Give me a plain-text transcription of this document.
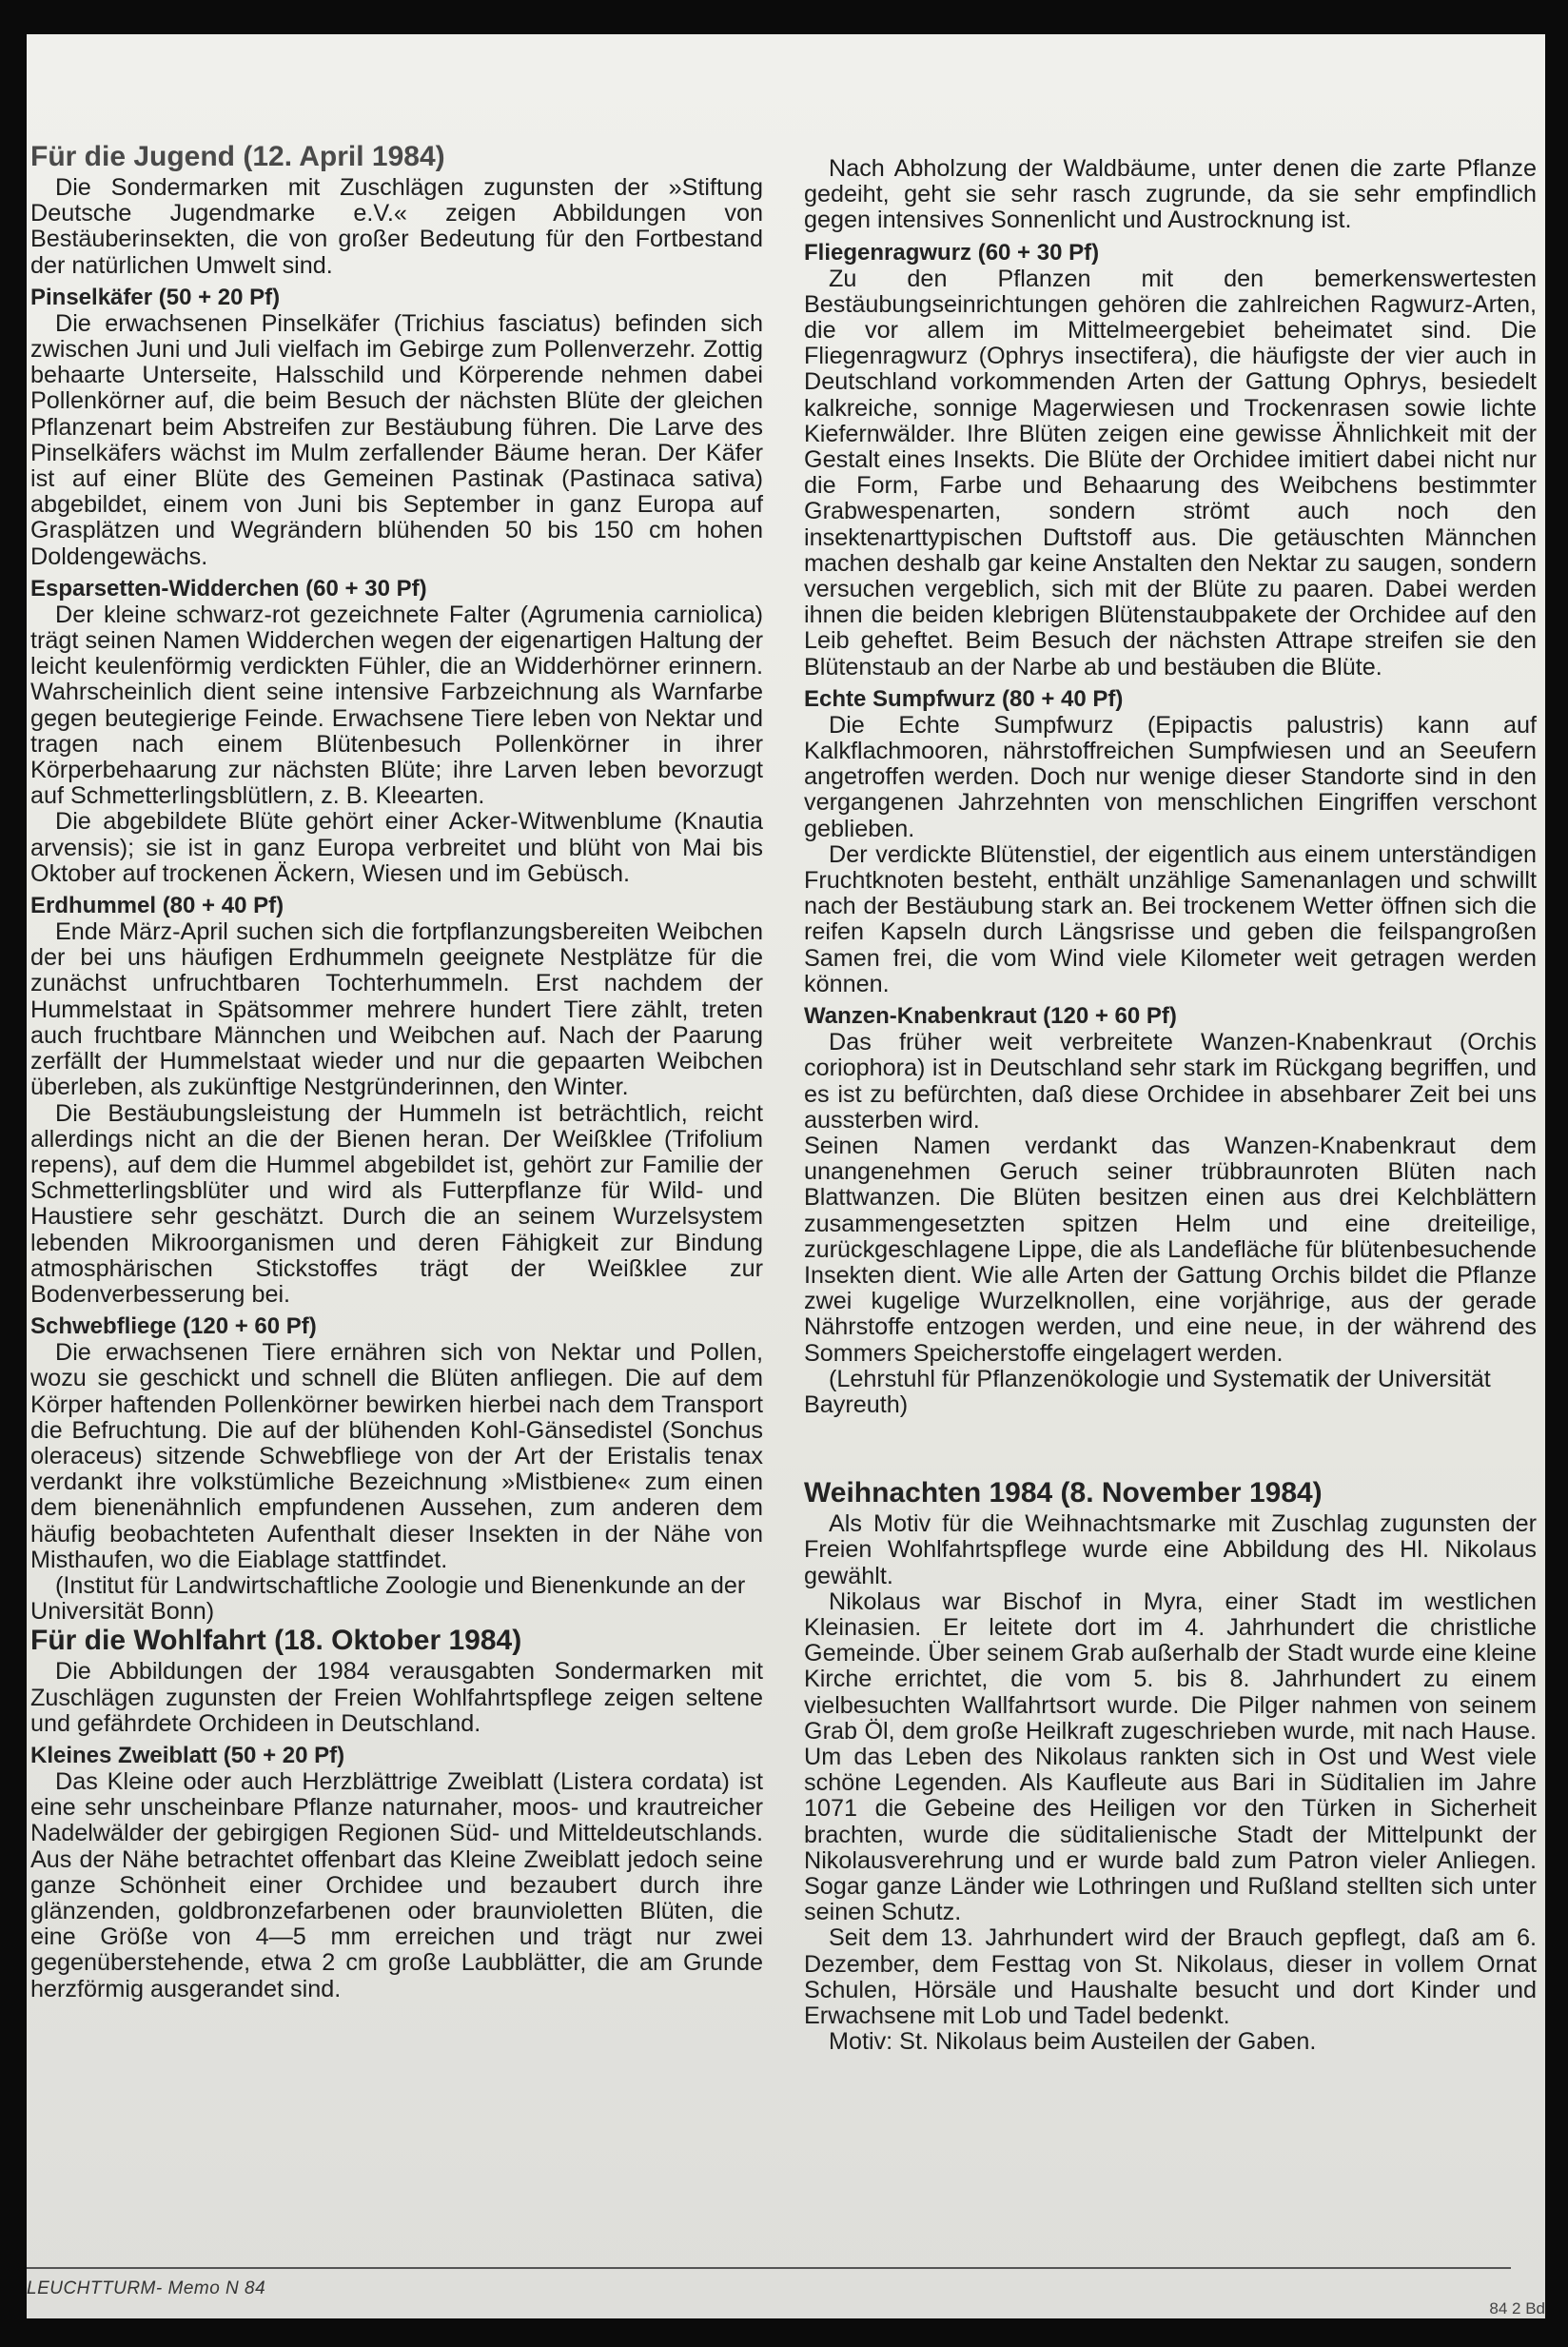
Für die Jugend (12. April 1984)

Die Sondermarken mit Zuschlägen zugunsten der »Stiftung Deutsche Jugendmarke e.V.« zeigen Abbildungen von Bestäuberinsekten, die von großer Bedeutung für den Fortbestand der natürlichen Umwelt sind.

Pinselkäfer (50 + 20 Pf)

Die erwachsenen Pinselkäfer (Trichius fasciatus) befinden sich zwischen Juni und Juli vielfach im Gebirge zum Pollenverzehr. Zottig behaarte Unterseite, Halsschild und Körperende nehmen dabei Pollenkörner auf, die beim Besuch der nächsten Blüte der gleichen Pflanzenart beim Abstreifen zur Bestäubung führen. Die Larve des Pinselkäfers wächst im Mulm zerfallender Bäume heran. Der Käfer ist auf einer Blüte des Gemeinen Pastinak (Pastinaca sativa) abgebildet, einem von Juni bis September in ganz Europa auf Grasplätzen und Wegrändern blühenden 50 bis 150 cm hohen Doldengewächs.

Esparsetten-Widderchen (60 + 30 Pf)

Der kleine schwarz-rot gezeichnete Falter (Agrumenia carniolica) trägt seinen Namen Widderchen wegen der eigenartigen Haltung der leicht keulenförmig verdickten Fühler, die an Widderhörner erinnern. Wahrscheinlich dient seine intensive Farbzeichnung als Warnfarbe gegen beutegierige Feinde. Erwachsene Tiere leben von Nektar und tragen nach einem Blütenbesuch Pollenkörner in ihrer Körperbehaarung zur nächsten Blüte; ihre Larven leben bevorzugt auf Schmetterlingsblütlern, z. B. Kleearten.

Die abgebildete Blüte gehört einer Acker-Witwenblume (Knautia arvensis); sie ist in ganz Europa verbreitet und blüht von Mai bis Oktober auf trockenen Äckern, Wiesen und im Gebüsch.

Erdhummel (80 + 40 Pf)

Ende März-April suchen sich die fortpflanzungsbereiten Weibchen der bei uns häufigen Erdhummeln geeignete Nestplätze für die zunächst unfruchtbaren Tochterhummeln. Erst nachdem der Hummelstaat in Spätsommer mehrere hundert Tiere zählt, treten auch fruchtbare Männchen und Weibchen auf. Nach der Paarung zerfällt der Hummelstaat wieder und nur die gepaarten Weibchen überleben, als zukünftige Nestgründerinnen, den Winter.

Die Bestäubungsleistung der Hummeln ist beträchtlich, reicht allerdings nicht an die der Bienen heran. Der Weißklee (Trifolium repens), auf dem die Hummel abgebildet ist, gehört zur Familie der Schmetterlingsblüter und wird als Futterpflanze für Wild- und Haustiere sehr geschätzt. Durch die an seinem Wurzelsystem lebenden Mikroorganismen und deren Fähigkeit zur Bindung atmosphärischen Stickstoffes trägt der Weißklee zur Bodenverbesserung bei.

Schwebfliege (120 + 60 Pf)

Die erwachsenen Tiere ernähren sich von Nektar und Pollen, wozu sie geschickt und schnell die Blüten anfliegen. Die auf dem Körper haftenden Pollenkörner bewirken hierbei nach dem Transport die Befruchtung. Die auf der blühenden Kohl-Gänsedistel (Sonchus oleraceus) sitzende Schwebfliege von der Art der Eristalis tenax verdankt ihre volkstümliche Bezeichnung »Mistbiene« zum einen dem bienenähnlich empfundenen Aussehen, zum anderen dem häufig beobachteten Aufenthalt dieser Insekten in der Nähe von Misthaufen, wo die Eiablage stattfindet.

(Institut für Landwirtschaftliche Zoologie und Bienenkunde an der Universität Bonn)

Für die Wohlfahrt (18. Oktober 1984)

Die Abbildungen der 1984 verausgabten Sondermarken mit Zuschlägen zugunsten der Freien Wohlfahrtspflege zeigen seltene und gefährdete Orchideen in Deutschland.

Kleines Zweiblatt (50 + 20 Pf)

Das Kleine oder auch Herzblättrige Zweiblatt (Listera cordata) ist eine sehr unscheinbare Pflanze naturnaher, moos- und krautreicher Nadelwälder der gebirgigen Regionen Süd- und Mitteldeutschlands. Aus der Nähe betrachtet offenbart das Kleine Zweiblatt jedoch seine ganze Schönheit einer Orchidee und bezaubert durch ihre glänzenden, goldbronzefarbenen oder braunvioletten Blüten, die eine Größe von 4—5 mm erreichen und trägt nur zwei gegenüberstehende, etwa 2 cm große Laubblätter, die am Grunde herzförmig ausgerandet sind.

Nach Abholzung der Waldbäume, unter denen die zarte Pflanze gedeiht, geht sie sehr rasch zugrunde, da sie sehr empfindlich gegen intensives Sonnenlicht und Austrocknung ist.

Fliegenragwurz (60 + 30 Pf)

Zu den Pflanzen mit den bemerkenswertesten Bestäubungseinrichtungen gehören die zahlreichen Ragwurz-Arten, die vor allem im Mittelmeergebiet beheimatet sind. Die Fliegenragwurz (Ophrys insectifera), die häufigste der vier auch in Deutschland vorkommenden Arten der Gattung Ophrys, besiedelt kalkreiche, sonnige Magerwiesen und Trockenrasen sowie lichte Kiefernwälder. Ihre Blüten zeigen eine gewisse Ähnlichkeit mit der Gestalt eines Insekts. Die Blüte der Orchidee imitiert dabei nicht nur die Form, Farbe und Behaarung des Weibchens bestimmter Grabwespenarten, sondern strömt auch noch den insektenarttypischen Duftstoff aus. Die getäuschten Männchen machen deshalb gar keine Anstalten den Nektar zu saugen, sondern versuchen vergeblich, sich mit der Blüte zu paaren. Dabei werden ihnen die beiden klebrigen Blütenstaubpakete der Orchidee auf den Leib geheftet. Beim Besuch der nächsten Attrape streifen sie den Blütenstaub an der Narbe ab und bestäuben die Blüte.

Echte Sumpfwurz (80 + 40 Pf)

Die Echte Sumpfwurz (Epipactis palustris) kann auf Kalkflachmooren, nährstoffreichen Sumpfwiesen und an Seeufern angetroffen werden. Doch nur wenige dieser Standorte sind in den vergangenen Jahrzehnten von menschlichen Eingriffen verschont geblieben.

Der verdickte Blütenstiel, der eigentlich aus einem unterständigen Fruchtknoten besteht, enthält unzählige Samenanlagen und schwillt nach der Bestäubung stark an. Bei trockenem Wetter öffnen sich die reifen Kapseln durch Längsrisse und geben die feilspangroßen Samen frei, die vom Wind viele Kilometer weit getragen werden können.

Wanzen-Knabenkraut (120 + 60 Pf)

Das früher weit verbreitete Wanzen-Knabenkraut (Orchis coriophora) ist in Deutschland sehr stark im Rückgang begriffen, und es ist zu befürchten, daß diese Orchidee in absehbarer Zeit bei uns aussterben wird.

Seinen Namen verdankt das Wanzen-Knabenkraut dem unangenehmen Geruch seiner trübbraunroten Blüten nach Blattwanzen. Die Blüten besitzen einen aus drei Kelchblättern zusammengesetzten spitzen Helm und eine dreiteilige, zurückgeschlagene Lippe, die als Landefläche für blütenbesuchende Insekten dient. Wie alle Arten der Gattung Orchis bildet die Pflanze zwei kugelige Wurzelknollen, eine vorjährige, aus der gerade Nährstoffe entzogen werden, und eine neue, in der während des Sommers Speicherstoffe eingelagert werden.

(Lehrstuhl für Pflanzenökologie und Systematik der Universität Bayreuth)

Weihnachten 1984 (8. November 1984)

Als Motiv für die Weihnachtsmarke mit Zuschlag zugunsten der Freien Wohlfahrtspflege wurde eine Abbildung des Hl. Nikolaus gewählt.

Nikolaus war Bischof in Myra, einer Stadt im westlichen Kleinasien. Er leitete dort im 4. Jahrhundert die christliche Gemeinde. Über seinem Grab außerhalb der Stadt wurde eine kleine Kirche errichtet, die vom 5. bis 8. Jahrhundert zu einem vielbesuchten Wallfahrtsort wurde. Die Pilger nahmen von seinem Grab Öl, dem große Heilkraft zugeschrieben wurde, mit nach Hause. Um das Leben des Nikolaus rankten sich in Ost und West viele schöne Legenden. Als Kaufleute aus Bari in Süditalien im Jahre 1071 die Gebeine des Heiligen vor den Türken in Sicherheit brachten, wurde die süditalienische Stadt der Mittelpunkt der Nikolausverehrung und er wurde bald zum Patron vieler Anliegen. Sogar ganze Länder wie Lothringen und Rußland stellten sich unter seinen Schutz.

Seit dem 13. Jahrhundert wird der Brauch gepflegt, daß am 6. Dezember, dem Festtag von St. Nikolaus, dieser in vollem Ornat Schulen, Hörsäle und Haushalte besucht und dort Kinder und Erwachsene mit Lob und Tadel bedenkt.

Motiv: St. Nikolaus beim Austeilen der Gaben.

LEUCHTTURM- Memo N 84
84 2 Bd
